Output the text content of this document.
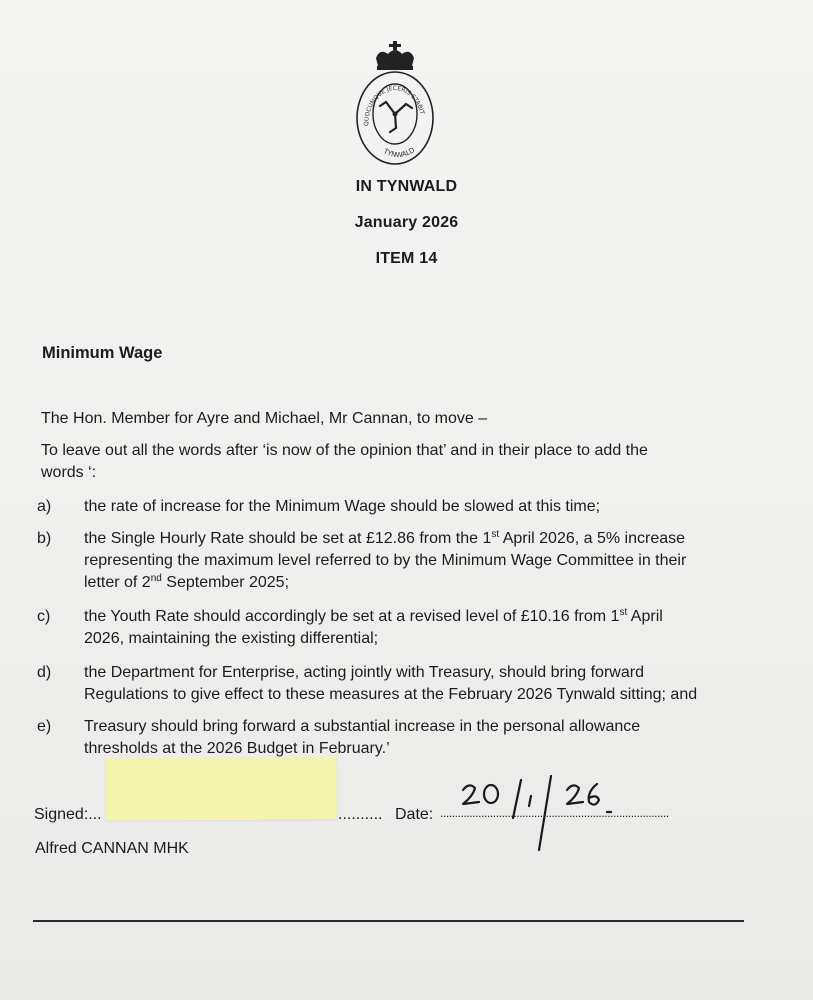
QUOCUNQUE JECERIS STABIT
TYNWALD
IN TYNWALD
January 2026
ITEM 14
Minimum Wage
The Hon. Member for Ayre and Michael, Mr Cannan, to move –
To leave out all the words after ‘is now of the opinion that’ and in their place to add the
words ‘:
a)	the rate of increase for the Minimum Wage should be slowed at this time;
b)	the Single Hourly Rate should be set at £12.86 from the 1st April 2026, a 5% increase
representing the maximum level referred to by the Minimum Wage Committee in their
letter of 2nd September 2025;
c)	the Youth Rate should accordingly be set at a revised level of £10.16 from 1st April
2026, maintaining the existing differential;
d)	the Department for Enterprise, acting jointly with Treasury, should bring forward
Regulations to give effect to these measures at the February 2026 Tynwald sitting; and
e)	Treasury should bring forward a substantial increase in the personal allowance
thresholds at the 2026 Budget in February.’
Signed:...	.......... Date: ..............................................................................
Alfred CANNAN MHK
